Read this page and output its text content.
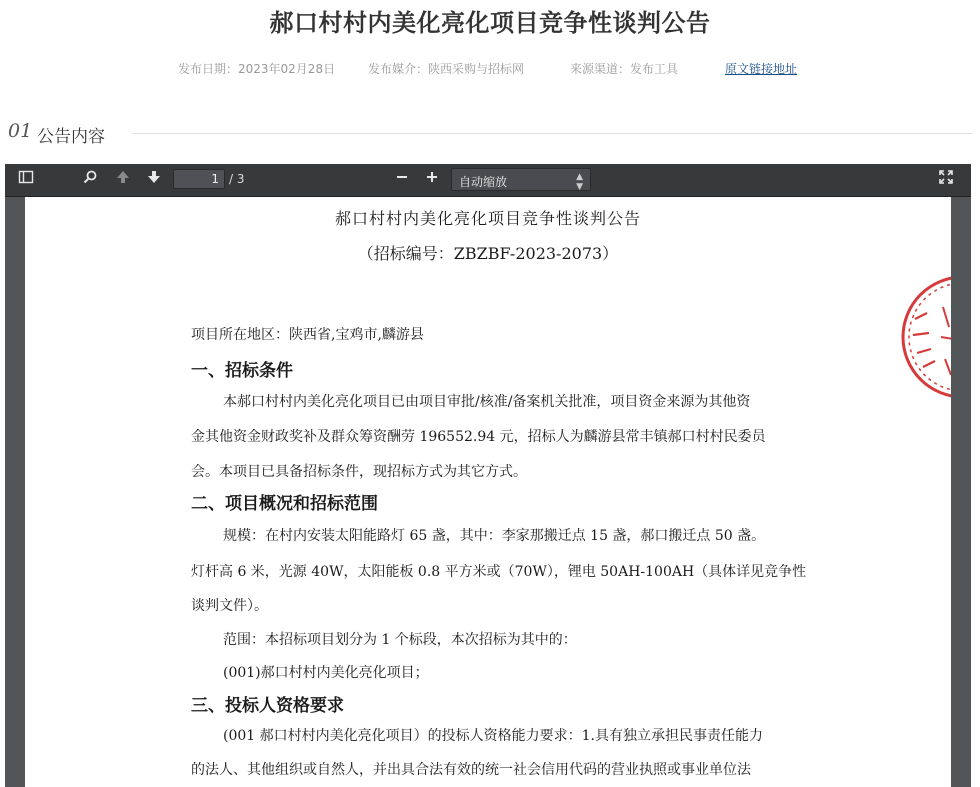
郝口村村内美化亮化项目竞争性谈判公告
发布日期：2023年02月28日	发布媒介：陕西采购与招标网	来源渠道：发布工具	原文链接地址
01 公告内容
1
/ 3	自动缩放	▲
▼
郝口村村内美化亮化项目竞争性谈判公告
（招标编号：ZBZBF-2023-2073）
项目所在地区：陕西省,宝鸡市,麟游县
一、招标条件
本郝口村村内美化亮化项目已由项目审批/核准/备案机关批准，项目资金来源为其他资
金其他资金财政奖补及群众筹资酬劳 196552.94 元，招标人为麟游县常丰镇郝口村村民委员
会。本项目已具备招标条件，现招标方式为其它方式。
二、项目概况和招标范围
规模：在村内安装太阳能路灯 65 盏，其中：李家那搬迁点 15 盏，郝口搬迁点 50 盏。
灯杆高 6 米，光源 40W，太阳能板 0.8 平方米或（70W），锂电 50AH-100AH（具体详见竞争性
谈判文件）。
范围：本招标项目划分为 1 个标段，本次招标为其中的：
(001)郝口村村内美化亮化项目；
三、投标人资格要求
(001 郝口村村内美化亮化项目）的投标人资格能力要求：1.具有独立承担民事责任能力
的法人、其他组织或自然人，并出具合法有效的统一社会信用代码的营业执照或事业单位法
